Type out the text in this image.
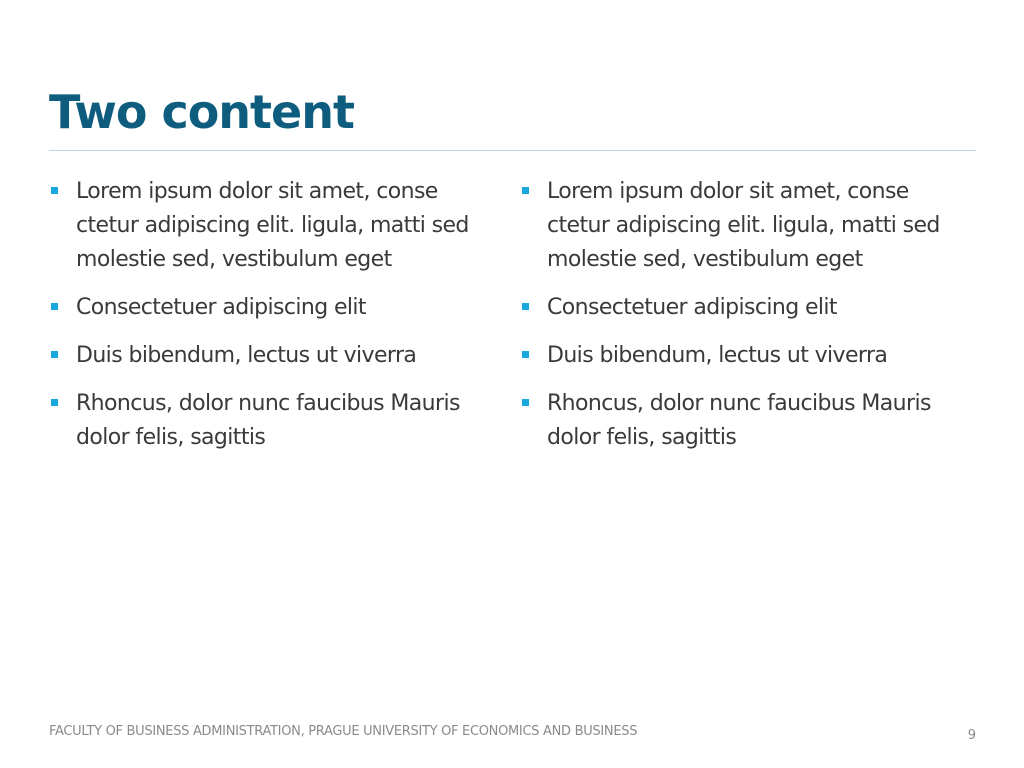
Two content
Lorem ipsum dolor sit amet, conse ctetur adipiscing elit. ligula, matti sed molestie sed, vestibulum eget
Consectetuer adipiscing elit
Duis bibendum, lectus ut viverra
Rhoncus, dolor nunc faucibus Mauris dolor felis, sagittis
Lorem ipsum dolor sit amet, conse ctetur adipiscing elit. ligula, matti sed molestie sed, vestibulum eget
Consectetuer adipiscing elit
Duis bibendum, lectus ut viverra
Rhoncus, dolor nunc faucibus Mauris dolor felis, sagittis
FACULTY OF BUSINESS ADMINISTRATION, PRAGUE UNIVERSITY OF ECONOMICS AND BUSINESS	9
